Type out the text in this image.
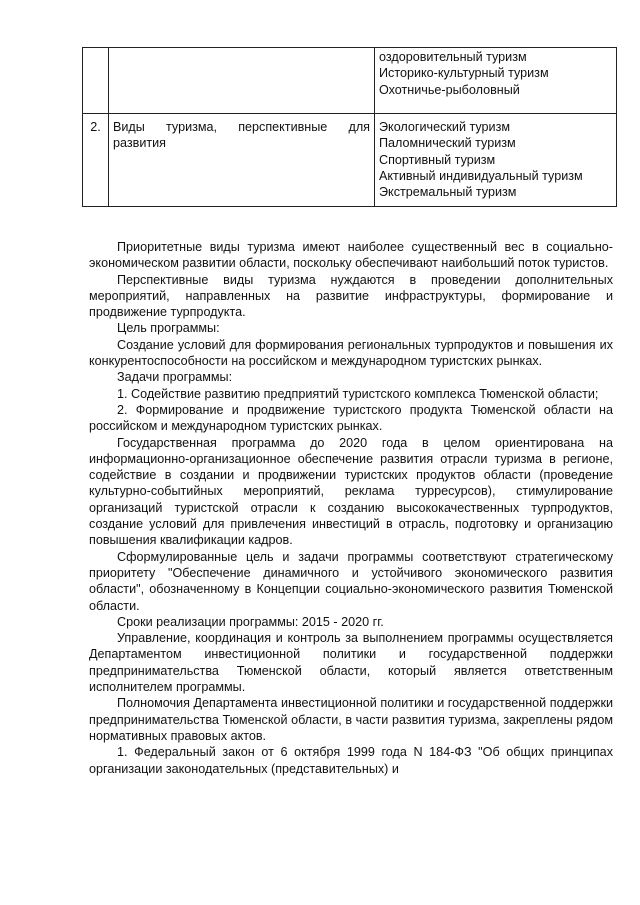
		оздоровительный туризм
Историко-культурный туризм
Охотничье-рыболовный

2.	Виды туризма, перспективные для развития	Экологический туризм
Паломнический туризм
Спортивный туризм
Активный индивидуальный туризм
Экстремальный туризм

Приоритетные виды туризма имеют наиболее существенный вес в социально-экономическом развитии области, поскольку обеспечивают наибольший поток туристов.

Перспективные виды туризма нуждаются в проведении дополнительных мероприятий, направленных на развитие инфраструктуры, формирование и продвижение турпродукта.

Цель программы:

Создание условий для формирования региональных турпродуктов и повышения их конкурентоспособности на российском и международном туристских рынках.

Задачи программы:

1. Содействие развитию предприятий туристского комплекса Тюменской области;

2. Формирование и продвижение туристского продукта Тюменской области на российском и международном туристских рынках.

Государственная программа до 2020 года в целом ориентирована на информационно-организационное обеспечение развития отрасли туризма в регионе, содействие в создании и продвижении туристских продуктов области (проведение культурно-событийных мероприятий, реклама турресурсов), стимулирование организаций туристской отрасли к созданию высококачественных турпродуктов, создание условий для привлечения инвестиций в отрасль, подготовку и организацию повышения квалификации кадров.

Сформулированные цель и задачи программы соответствуют стратегическому приоритету "Обеспечение динамичного и устойчивого экономического развития области", обозначенному в Концепции социально-экономического развития Тюменской области.

Сроки реализации программы: 2015 - 2020 гг.

Управление, координация и контроль за выполнением программы осуществляется Департаментом инвестиционной политики и государственной поддержки предпринимательства Тюменской области, который является ответственным исполнителем программы.

Полномочия Департамента инвестиционной политики и государственной поддержки предпринимательства Тюменской области, в части развития туризма, закреплены рядом нормативных правовых актов.

1. Федеральный закон от 6 октября 1999 года N 184-ФЗ "Об общих принципах организации законодательных (представительных) и
